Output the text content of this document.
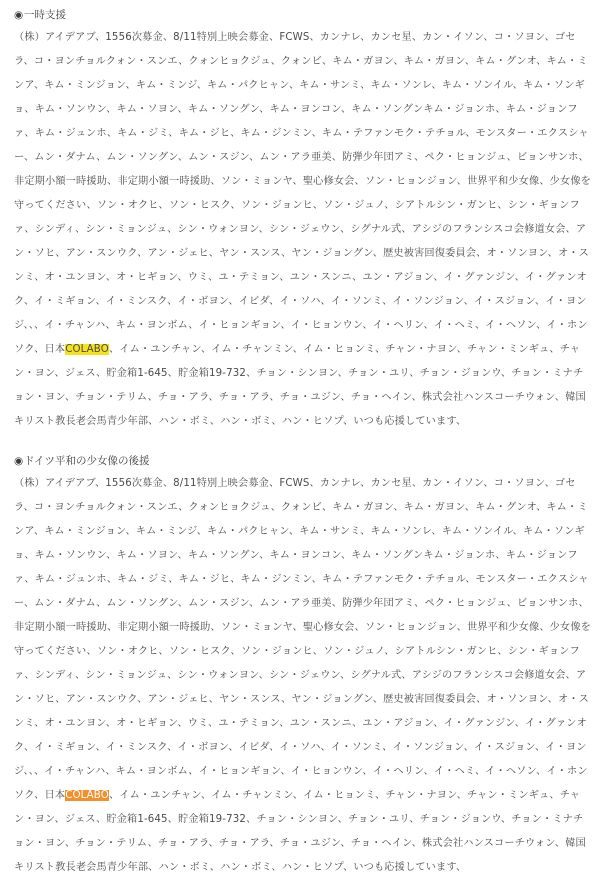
◉一時支援
（株）アイデアブ、1556次募金、8/11特別上映会募金、FCWS、カンナレ、カンセ星、カン・イソン、コ・ソヨン、ゴセラ、コ・ヨンチョルクォン・スンエ、クォンヒョクジュ、クォンビ、キム・ガヨン、キム・ガヨン、キム・グンオ、キム・ミンア、キム・ミンジョン、キム・ミンジ、キム・パクヒャン、キム・サンミ、キム・ソンレ、キム・ソンイル、キム・ソンギョ、キム・ソンウン、キム・ソヨン、キム・ソングン、キム・ヨンコン、キム・ソングンキム・ジョンホ、キム・ジョンファ、キム・ジュンホ、キム・ジミ、キム・ジヒ、キム・ジンミン、キム・テファンモク・テチョル、モンスター・エクスシャー、ムン・ダナム、ムン・ソングン、ムン・スジン、ムン・アラ亜美、防弾少年団アミ、ペク・ヒョンジュ、ビョンサンホ、非定期小額一時援助、非定期小額一時援助、ソン・ミョンヤ、聖心修女会、ソン・ヒョンジョン、世界平和少女像、少女像を守ってください、ソン・オクヒ、ソン・ヒスク、ソン・ジョンヒ、ソン・ジュノ、シアトルシン・ガンヒ、シン・ギョンファ、シンディ、シン・ミョンジュ、シン・ウォンヨン、シン・ジェウン、シグナル式、アシジのフランシスコ会修道女会、アン・ソヒ、アン・スンウク、アン・ジェヒ、ヤン・スンス、ヤン・ジョングン、歴史被害回復委員会、オ・ソンヨン、オ・スンミ、オ・ユンヨン、オ・ヒギョン、ウミ、ユ・テミョン、ユン・スンニ、ユン・アジョン、イ・グァンジン、イ・グァンオク、イ・ミギョン、イ・ミンスク、イ・ボヨン、イビダ、イ・ソハ、イ・ソンミ、イ・ソンジョン、イ・スジョン、イ・ヨンジ、、、イ・チャンハ、キム・ヨンボム、イ・ヒョンギョン、イ・ヒョンウン、イ・ヘリン、イ・ヘミ、イ・ヘソン、イ・ホンソク、日本COLABO、イム・ユンチャン、イム・チャンミン、イム・ヒョンミ、チャン・ナヨン、チャン・ミンギュ、チャン・ヨン、ジェス、貯金箱1-645、貯金箱19-732、チョン・シンヨン、チョン・ユリ、チョン・ジョンウ、チョン・ミナチョン・ヨン、チョン・テリム、チョ・アラ、チョ・アラ、チョ・ユジン、チョ・ヘイン、株式会社ハンスコーチウォン、韓国キリスト教長老会馬青少年部、ハン・ボミ、ハン・ボミ、ハン・ヒソプ、いつも応援しています、
◉ドイツ平和の少女像の後援
（株）アイデアブ、1556次募金、8/11特別上映会募金、FCWS、カンナレ、カンセ星、カン・イソン、コ・ソヨン、ゴセラ、コ・ヨンチョルクォン・スンエ、クォンヒョクジュ、クォンビ、キム・ガヨン、キム・ガヨン、キム・グンオ、キム・ミンア、キム・ミンジョン、キム・ミンジ、キム・パクヒャン、キム・サンミ、キム・ソンレ、キム・ソンイル、キム・ソンギョ、キム・ソンウン、キム・ソヨン、キム・ソングン、キム・ヨンコン、キム・ソングンキム・ジョンホ、キム・ジョンファ、キム・ジュンホ、キム・ジミ、キム・ジヒ、キム・ジンミン、キム・テファンモク・テチョル、モンスター・エクスシャー、ムン・ダナム、ムン・ソングン、ムン・スジン、ムン・アラ亜美、防弾少年団アミ、ペク・ヒョンジュ、ビョンサンホ、非定期小額一時援助、非定期小額一時援助、ソン・ミョンヤ、聖心修女会、ソン・ヒョンジョン、世界平和少女像、少女像を守ってください、ソン・オクヒ、ソン・ヒスク、ソン・ジョンヒ、ソン・ジュノ、シアトルシン・ガンヒ、シン・ギョンファ、シンディ、シン・ミョンジュ、シン・ウォンヨン、シン・ジェウン、シグナル式、アシジのフランシスコ会修道女会、アン・ソヒ、アン・スンウク、アン・ジェヒ、ヤン・スンス、ヤン・ジョングン、歴史被害回復委員会、オ・ソンヨン、オ・スンミ、オ・ユンヨン、オ・ヒギョン、ウミ、ユ・テミョン、ユン・スンニ、ユン・アジョン、イ・グァンジン、イ・グァンオク、イ・ミギョン、イ・ミンスク、イ・ボヨン、イビダ、イ・ソハ、イ・ソンミ、イ・ソンジョン、イ・スジョン、イ・ヨンジ、、、イ・チャンハ、キム・ヨンボム、イ・ヒョンギョン、イ・ヒョンウン、イ・ヘリン、イ・ヘミ、イ・ヘソン、イ・ホンソク、日本COLABO、イム・ユンチャン、イム・チャンミン、イム・ヒョンミ、チャン・ナヨン、チャン・ミンギュ、チャン・ヨン、ジェス、貯金箱1-645、貯金箱19-732、チョン・シンヨン、チョン・ユリ、チョン・ジョンウ、チョン・ミナチョン・ヨン、チョン・テリム、チョ・アラ、チョ・アラ、チョ・ユジン、チョ・ヘイン、株式会社ハンスコーチウォン、韓国キリスト教長老会馬青少年部、ハン・ボミ、ハン・ボミ、ハン・ヒソプ、いつも応援しています、
